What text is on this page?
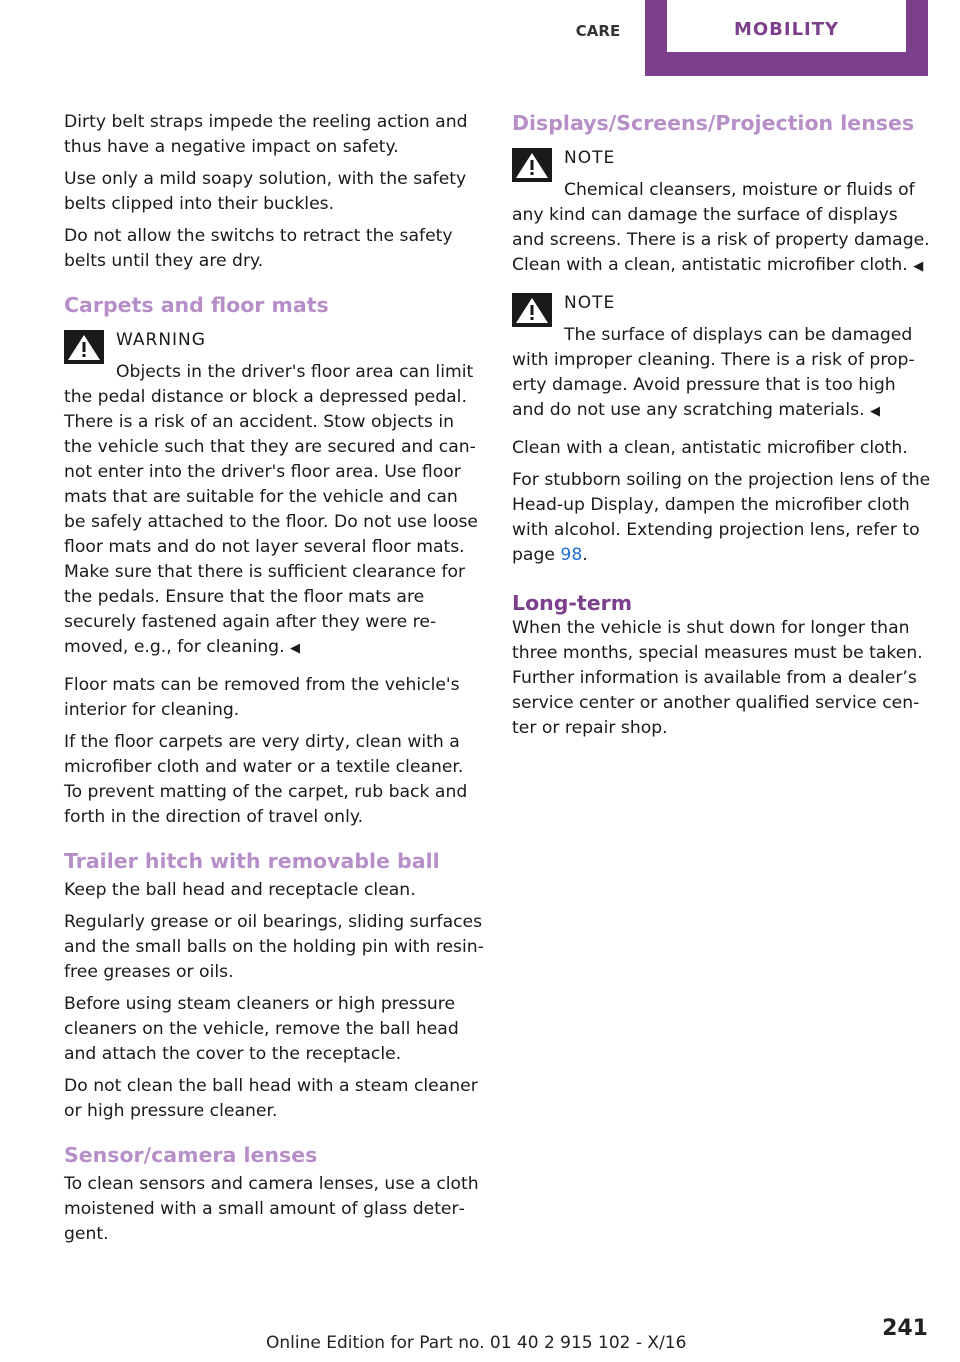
CARE	MOBILITY

Dirty belt straps impede the reeling action and thus have a negative impact on safety.

Use only a mild soapy solution, with the safety belts clipped into their buckles.

Do not allow the switchs to retract the safety belts until they are dry.

Carpets and floor mats
WARNING
Objects in the driver's floor area can limit the pedal distance or block a depressed pedal. There is a risk of an accident. Stow objects in the vehicle such that they are secured and cannot enter into the driver's floor area. Use floor mats that are suitable for the vehicle and can be safely attached to the floor. Do not use loose floor mats and do not layer several floor mats. Make sure that there is sufficient clearance for the pedals. Ensure that the floor mats are securely fastened again after they were removed, e.g., for cleaning. ◀

Floor mats can be removed from the vehicle's interior for cleaning.

If the floor carpets are very dirty, clean with a microfiber cloth and water or a textile cleaner. To prevent matting of the carpet, rub back and forth in the direction of travel only.

Trailer hitch with removable ball

Keep the ball head and receptacle clean.

Regularly grease or oil bearings, sliding surfaces and the small balls on the holding pin with resin-free greases or oils.

Before using steam cleaners or high pressure cleaners on the vehicle, remove the ball head and attach the cover to the receptacle.

Do not clean the ball head with a steam cleaner or high pressure cleaner.

Sensor/camera lenses

To clean sensors and camera lenses, use a cloth moistened with a small amount of glass detergent.

Displays/Screens/Projection lenses
NOTE
Chemical cleansers, moisture or fluids of any kind can damage the surface of displays and screens. There is a risk of property damage. Clean with a clean, antistatic microfiber cloth. ◀
NOTE
The surface of displays can be damaged with improper cleaning. There is a risk of property damage. Avoid pressure that is too high and do not use any scratching materials. ◀

Clean with a clean, antistatic microfiber cloth.

For stubborn soiling on the projection lens of the Head-up Display, dampen the microfiber cloth with alcohol. Extending projection lens, refer to page 98.

Long-term

When the vehicle is shut down for longer than three months, special measures must be taken. Further information is available from a dealer’s service center or another qualified service center or repair shop.

Online Edition for Part no. 01 40 2 915 102 - X/16
241
